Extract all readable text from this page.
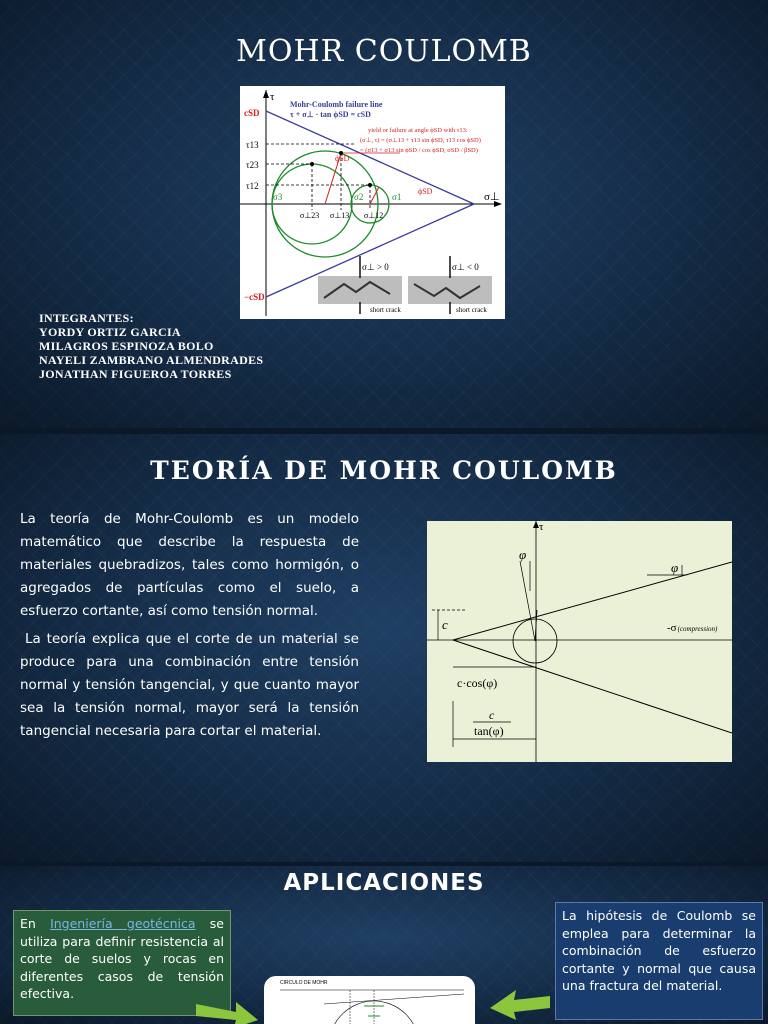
MOHR COULOMB
τ
cSD
−cSD
τ13
τ23
τ12
ϕSD
ϕSD
σ3	σ2	σ1	σ⊥
σ⊥23 σ⊥13 σ⊥12
Mohr-Coulomb failure line
τ + σ⊥ · tan ϕSD = cSD
yield or failure at angle ϕSD with τ13:
(σ⊥, τ) = (σ⊥13 + τ13 sin ϕSD, τ13 cos ϕSD)
= (σ13 + σ13 sin ϕSD / cos ϕSD, σSD / βSD)
σ⊥ > 0	σ⊥ < 0
short crack	short crack
INTEGRANTES:
YORDY ORTIZ GARCIA
MILAGROS ESPINOZA BOLO
NAYELI ZAMBRANO ALMENDRADES
JONATHAN FIGUEROA TORRES
TEORÍA DE MOHR COULOMB
La teoría de Mohr-Coulomb es un modelo matemático que describe la respuesta de materiales quebradizos, tales como hormigón, o agregados de partículas como el suelo, a esfuerzo cortante, así como tensión normal.
La teoría explica que el corte de un material se produce para una combinación entre tensión normal y tensión tangencial, y que cuanto mayor sea la tensión normal, mayor será la tensión tangencial necesaria para cortar el material.
τ
φ
φ
c	-σ(compression)
c·cos(φ)
c
tan(φ)
APLICACIONES
En Ingeniería geotécnica se utiliza para definir resistencia al corte de suelos y rocas en diferentes casos de tensión efectiva.
La hipótesis de Coulomb se emplea para determinar la combinación de esfuerzo cortante y normal que causa una fractura del material.
CIRCULO DE MOHR
